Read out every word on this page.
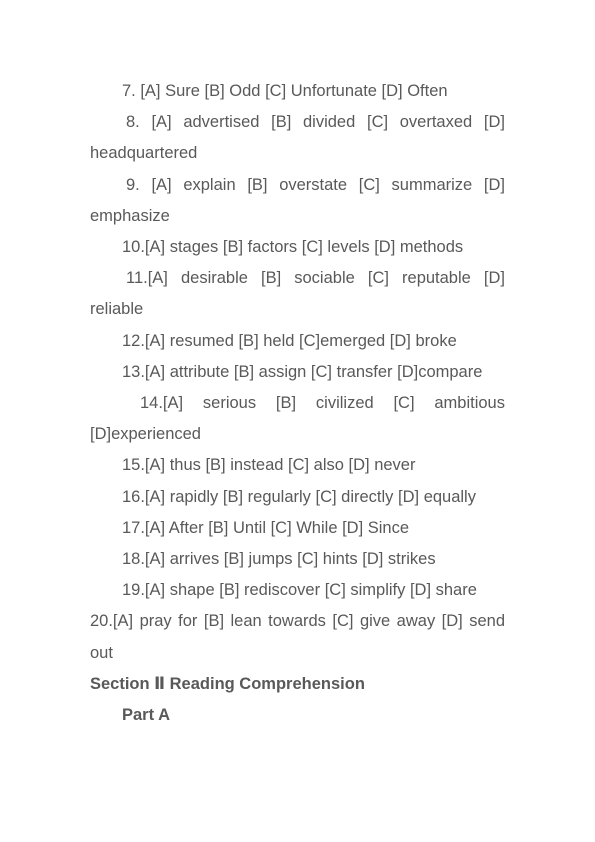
7. [A] Sure [B] Odd [C] Unfortunate [D] Often

8. [A] advertised [B] divided [C] overtaxed [D] headquartered

9. [A] explain [B] overstate [C] summarize [D] emphasize

10.[A] stages [B] factors [C] levels [D] methods

11.[A] desirable [B] sociable [C] reputable [D] reliable

12.[A] resumed [B] held [C]emerged [D] broke

13.[A] attribute [B] assign [C] transfer [D]compare

14.[A] serious [B] civilized [C] ambitious [D]experienced

15.[A] thus [B] instead [C] also [D] never

16.[A] rapidly [B] regularly [C] directly [D] equally

17.[A] After [B] Until [C] While [D] Since

18.[A] arrives [B] jumps [C] hints [D] strikes

19.[A] shape [B] rediscover [C] simplify [D] share

20.[A] pray for [B] lean towards [C] give away [D] send out

Section Ⅱ Reading Comprehension

Part A
